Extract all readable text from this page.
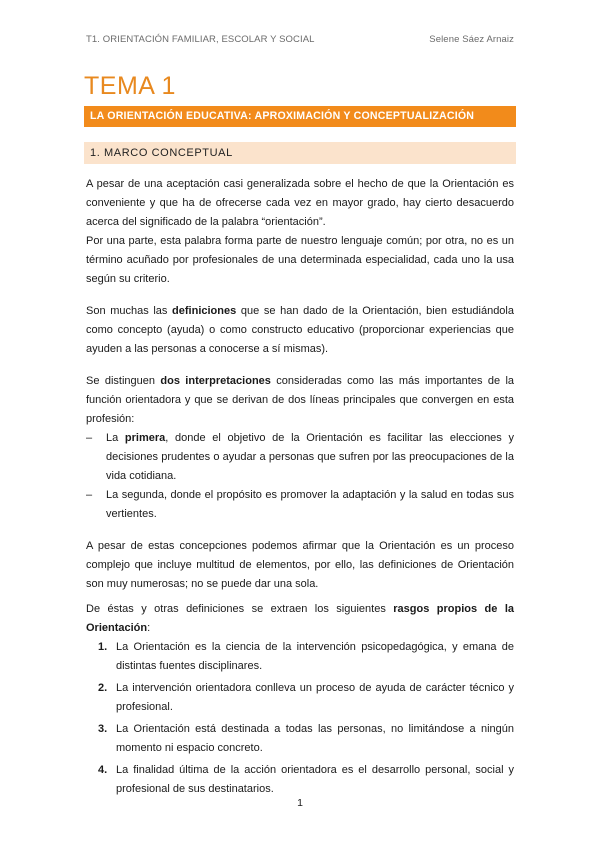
T1. ORIENTACIÓN FAMILIAR, ESCOLAR Y SOCIAL	Selene Sáez Arnaiz
TEMA 1
LA ORIENTACIÓN EDUCATIVA: APROXIMACIÓN Y CONCEPTUALIZACIÓN
1. MARCO CONCEPTUAL

A pesar de una aceptación casi generalizada sobre el hecho de que la Orientación es conveniente y que ha de ofrecerse cada vez en mayor grado, hay cierto desacuerdo acerca del significado de la palabra “orientación”.

Por una parte, esta palabra forma parte de nuestro lenguaje común; por otra, no es un término acuñado por profesionales de una determinada especialidad, cada uno la usa según su criterio.

Son muchas las definiciones que se han dado de la Orientación, bien estudiándola como concepto (ayuda) o como constructo educativo (proporcionar experiencias que ayuden a las personas a conocerse a sí mismas).

Se distinguen dos interpretaciones consideradas como las más importantes de la función orientadora y que se derivan de dos líneas principales que convergen en esta profesión:

– La primera, donde el objetivo de la Orientación es facilitar las elecciones y decisiones prudentes o ayudar a personas que sufren por las preocupaciones de la vida cotidiana.
– La segunda, donde el propósito es promover la adaptación y la salud en todas sus vertientes.

A pesar de estas concepciones podemos afirmar que la Orientación es un proceso complejo que incluye multitud de elementos, por ello, las definiciones de Orientación son muy numerosas; no se puede dar una sola.

De éstas y otras definiciones se extraen los siguientes rasgos propios de la Orientación:

1. La Orientación es la ciencia de la intervención psicopedagógica, y emana de distintas fuentes disciplinares.
2. La intervención orientadora conlleva un proceso de ayuda de carácter técnico y profesional.
3. La Orientación está destinada a todas las personas, no limitándose a ningún momento ni espacio concreto.
4. La finalidad última de la acción orientadora es el desarrollo personal, social y profesional de sus destinatarios.
1
